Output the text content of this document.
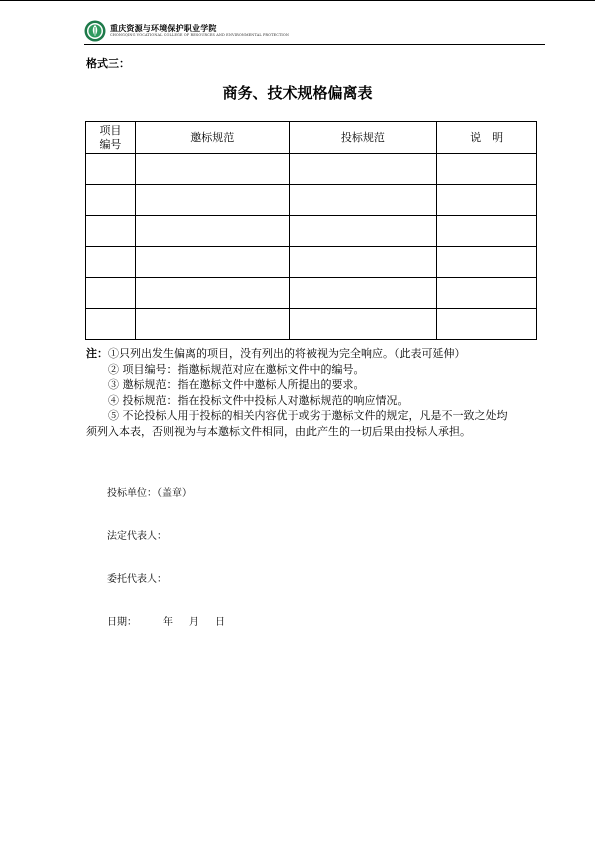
重庆资源与环境保护职业学院
CHONGQING VOCATIONAL COLLEGE OF RESOURCES AND ENVIRONMENTAL PROTECTION
格式三：
商务、技术规格偏离表
项目
编号	邀标规范	投标规范	说　明

注：①只列出发生偏离的项目，没有列出的将被视为完全响应。（此表可延伸）
② 项目编号：指邀标规范对应在邀标文件中的编号。
③ 邀标规范：指在邀标文件中邀标人所提出的要求。
④ 投标规范：指在投标文件中投标人对邀标规范的响应情况。
⑤ 不论投标人用于投标的相关内容优于或劣于邀标文件的规定，凡是不一致之处均
须列入本表，否则视为与本邀标文件相同，由此产生的一切后果由投标人承担。
投标单位：（盖章）
法定代表人：
委托代表人：
日期：	年 月 日
